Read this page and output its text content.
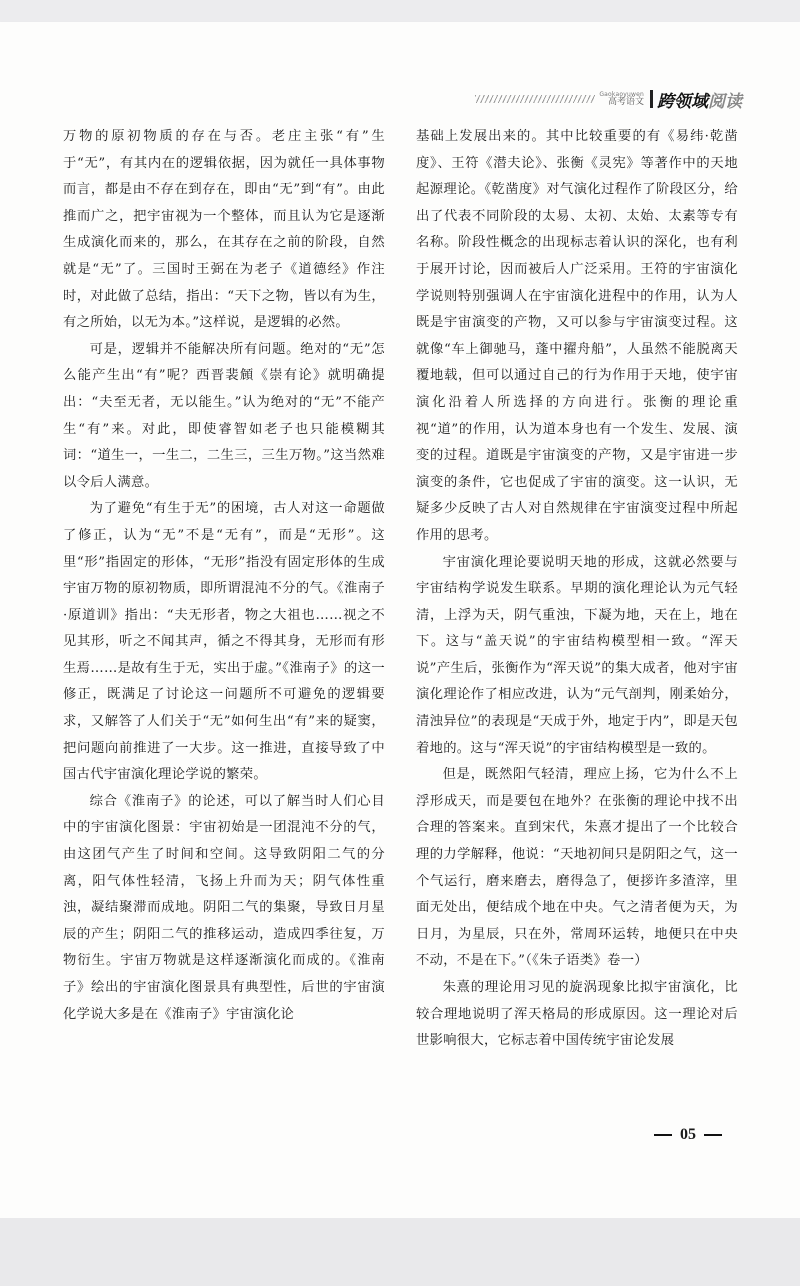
Gaokaoyuwen
高考语文 跨领域 阅读

万物的原初物质的存在与否。老庄主张“有”生于“无”，有其内在的逻辑依据，因为就任一具体事物而言，都是由不存在到存在，即由“无”到“有”。由此推而广之，把宇宙视为一个整体，而且认为它是逐渐生成演化而来的，那么，在其存在之前的阶段，自然就是“无”了。三国时王弼在为老子《道德经》作注时，对此做了总结，指出：“天下之物，皆以有为生，有之所始，以无为本。”这样说，是逻辑的必然。

可是，逻辑并不能解决所有问题。绝对的“无”怎么能产生出“有”呢？西晋裴頠《崇有论》就明确提出：“夫至无者，无以能生。”认为绝对的“无”不能产生“有”来。对此，即使睿智如老子也只能模糊其词：“道生一，一生二，二生三，三生万物。”这当然难以令后人满意。

为了避免“有生于无”的困境，古人对这一命题做了修正，认为“无”不是“无有”，而是“无形”。这里“形”指固定的形体，“无形”指没有固定形体的生成宇宙万物的原初物质，即所谓混沌不分的气。《淮南子·原道训》指出：“夫无形者，物之大祖也……视之不见其形，听之不闻其声，循之不得其身，无形而有形生焉……是故有生于无，实出于虚。”《淮南子》的这一修正，既满足了讨论这一问题所不可避免的逻辑要求，又解答了人们关于“无”如何生出“有”来的疑窦，把问题向前推进了一大步。这一推进，直接导致了中国古代宇宙演化理论学说的繁荣。

综合《淮南子》的论述，可以了解当时人们心目中的宇宙演化图景：宇宙初始是一团混沌不分的气，由这团气产生了时间和空间。这导致阴阳二气的分离，阳气体性轻清，飞扬上升而为天；阴气体性重浊，凝结聚滞而成地。阴阳二气的集聚，导致日月星辰的产生；阴阳二气的推移运动，造成四季往复，万物衍生。宇宙万物就是这样逐渐演化而成的。《淮南子》绘出的宇宙演化图景具有典型性，后世的宇宙演化学说大多是在《淮南子》宇宙演化论

基础上发展出来的。其中比较重要的有《易纬·乾凿度》、王符《潜夫论》、张衡《灵宪》等著作中的天地起源理论。《乾凿度》对气演化过程作了阶段区分，给出了代表不同阶段的太易、太初、太始、太素等专有名称。阶段性概念的出现标志着认识的深化，也有利于展开讨论，因而被后人广泛采用。王符的宇宙演化学说则特别强调人在宇宙演化进程中的作用，认为人既是宇宙演变的产物，又可以参与宇宙演变过程。这就像“车上御驰马，蓬中擢舟船”，人虽然不能脱离天覆地载，但可以通过自己的行为作用于天地，使宇宙演化沿着人所选择的方向进行。张衡的理论重视“道”的作用，认为道本身也有一个发生、发展、演变的过程。道既是宇宙演变的产物，又是宇宙进一步演变的条件，它也促成了宇宙的演变。这一认识，无疑多少反映了古人对自然规律在宇宙演变过程中所起作用的思考。

宇宙演化理论要说明天地的形成，这就必然要与宇宙结构学说发生联系。早期的演化理论认为元气轻清，上浮为天，阴气重浊，下凝为地，天在上，地在下。这与“盖天说”的宇宙结构模型相一致。“浑天说”产生后，张衡作为“浑天说”的集大成者，他对宇宙演化理论作了相应改进，认为“元气剖判，刚柔始分，清浊异位”的表现是“天成于外，地定于内”，即是天包着地的。这与“浑天说”的宇宙结构模型是一致的。

但是，既然阳气轻清，理应上扬，它为什么不上浮形成天，而是要包在地外？在张衡的理论中找不出合理的答案来。直到宋代，朱熹才提出了一个比较合理的力学解释，他说：“天地初间只是阴阳之气，这一个气运行，磨来磨去，磨得急了，便拶许多渣滓，里面无处出，便结成个地在中央。气之清者便为天，为日月，为星辰，只在外，常周环运转，地便只在中央不动，不是在下。”（《朱子语类》卷一）

朱熹的理论用习见的旋涡现象比拟宇宙演化，比较合理地说明了浑天格局的形成原因。这一理论对后世影响很大，它标志着中国传统宇宙论发展

05
